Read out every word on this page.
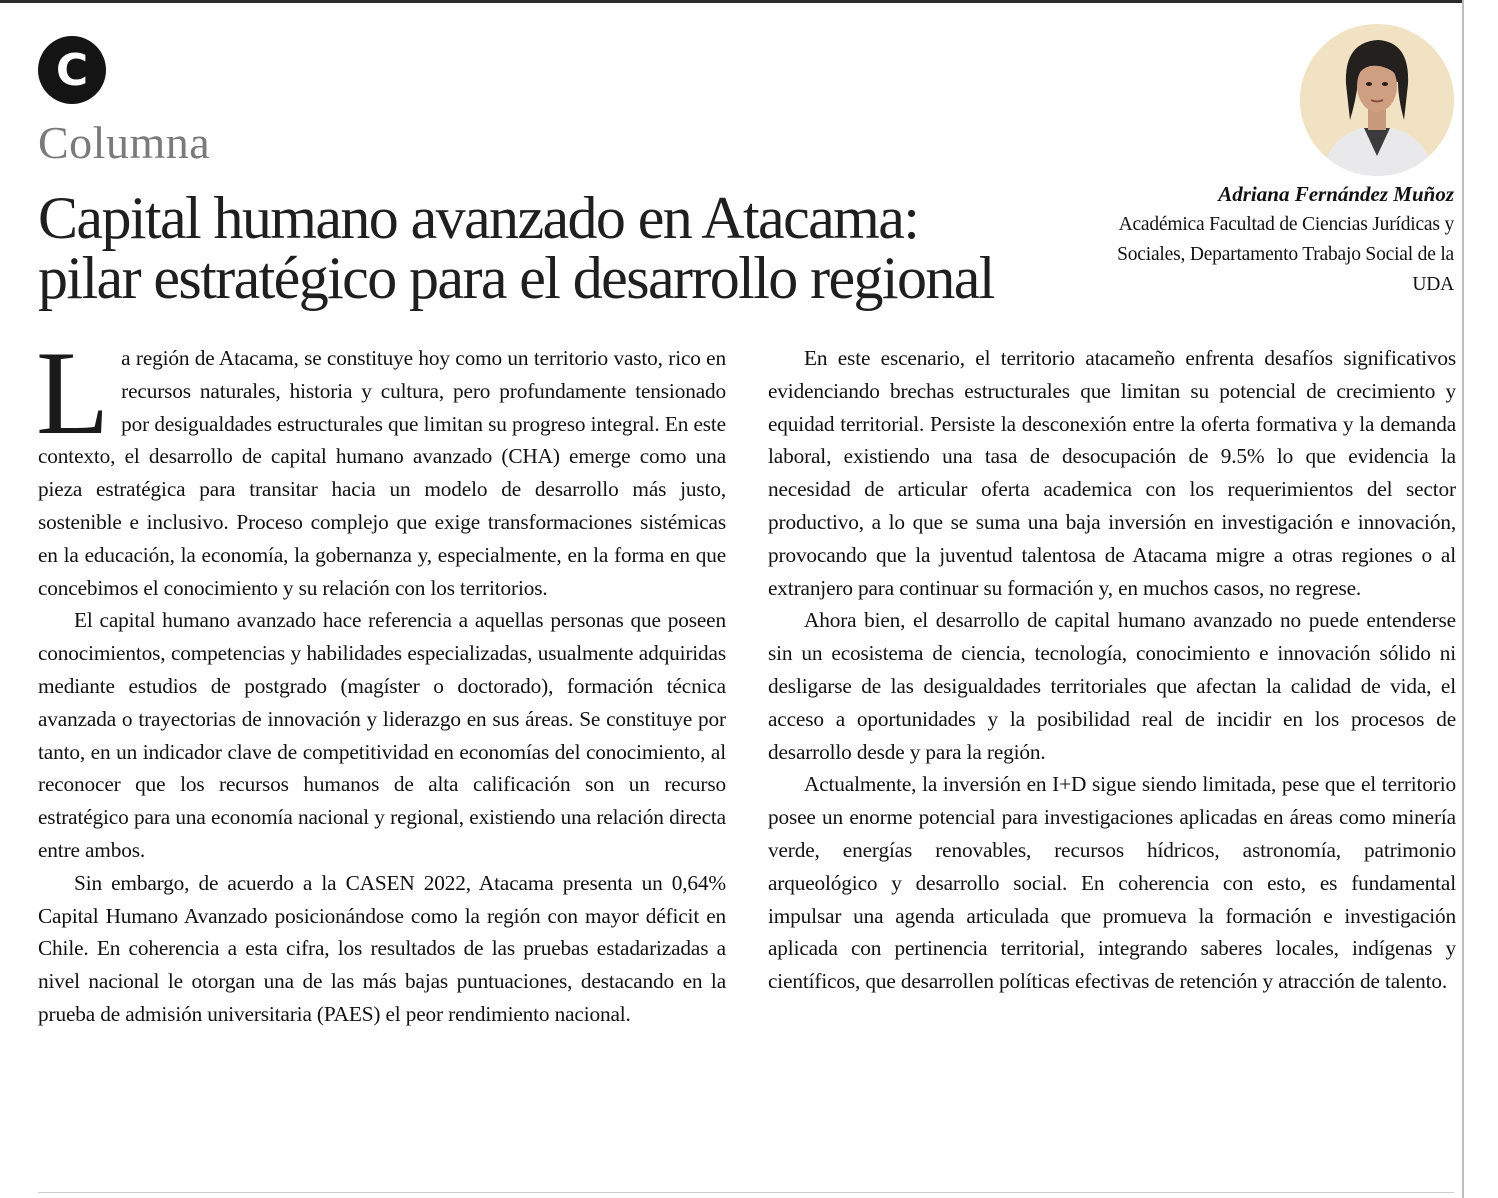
C
Columna
Capital humano avanzado en Atacama:
pilar estratégico para el desarrollo regional
Adriana Fernández Muñoz
Académica Facultad de Ciencias Jurídicas y Sociales, Departamento Trabajo Social de la UDA

L a región de Atacama, se constituye hoy como un territorio vasto, rico en recursos naturales, historia y cultura, pero profundamente tensionado por desigualdades estructurales que limitan su progreso integral. En este contexto, el desarrollo de capital humano avanzado (CHA) emerge como una pieza estratégica para transitar hacia un modelo de desarrollo más justo, sostenible e inclusivo. Proceso complejo que exige transformaciones sistémicas en la educación, la economía, la gobernanza y, especialmente, en la forma en que concebimos el conocimiento y su relación con los territorios.

El capital humano avanzado hace referencia a aquellas personas que poseen conocimientos, competencias y habilidades especializadas, usualmente adquiridas mediante estudios de postgrado (magíster o doctorado), formación técnica avanzada o trayectorias de innovación y liderazgo en sus áreas. Se constituye por tanto, en un indicador clave de competitividad en economías del conocimiento, al reconocer que los recursos humanos de alta calificación son un recurso estratégico para una economía nacional y regional, existiendo una relación directa entre ambos.

Sin embargo, de acuerdo a la CASEN 2022, Atacama presenta un 0,64% Capital Humano Avanzado posicionándose como la región con mayor déficit en Chile. En coherencia a esta cifra, los resultados de las pruebas estadarizadas a nivel nacional le otorgan una de las más bajas puntuaciones, destacando en la prueba de admisión universitaria (PAES) el peor rendimiento nacional.

En este escenario, el territorio atacameño enfrenta desafíos significativos evidenciando brechas estructurales que limitan su potencial de crecimiento y equidad territorial. Persiste la desconexión entre la oferta formativa y la demanda laboral, existiendo una tasa de desocupación de 9.5% lo que evidencia la necesidad de articular oferta academica con los requerimientos del sector productivo, a lo que se suma una baja inversión en investigación e innovación, provocando que la juventud talentosa de Atacama migre a otras regiones o al extranjero para continuar su formación y, en muchos casos, no regrese.

Ahora bien, el desarrollo de capital humano avanzado no puede entenderse sin un ecosistema de ciencia, tecnología, conocimiento e innovación sólido ni desligarse de las desigualdades territoriales que afectan la calidad de vida, el acceso a oportunidades y la posibilidad real de incidir en los procesos de desarrollo desde y para la región.

Actualmente, la inversión en I+D sigue siendo limitada, pese que el territorio posee un enorme potencial para investigaciones aplicadas en áreas como minería verde, energías renovables, recursos hídricos, astronomía, patrimonio arqueológico y desarrollo social. En coherencia con esto, es fundamental impulsar una agenda articulada que promueva la formación e investigación aplicada con pertinencia territorial, integrando saberes locales, indígenas y científicos, que desarrollen políticas efectivas de retención y atracción de talento.
